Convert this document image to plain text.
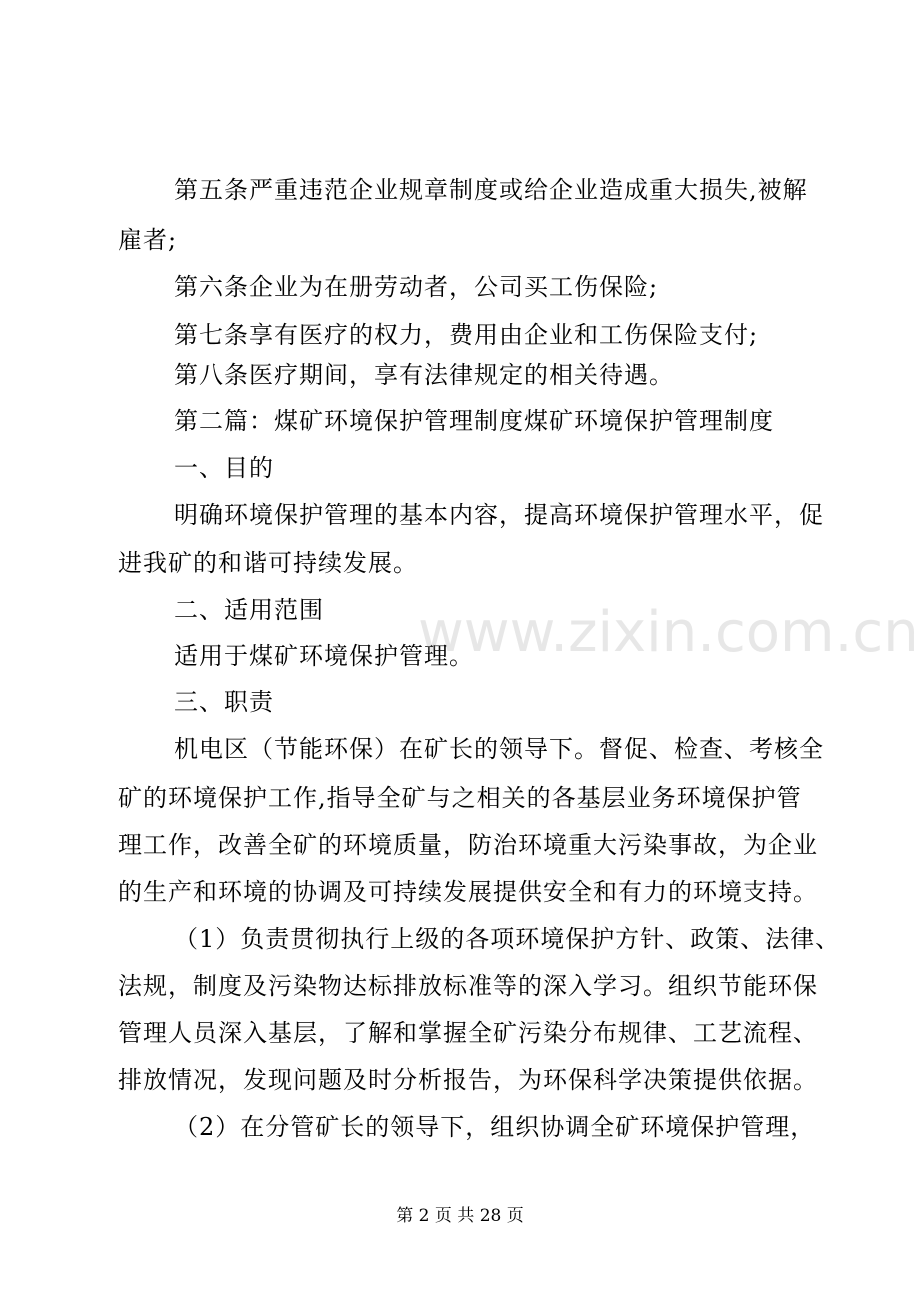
第五条严重违范企业规章制度或给企业造成重大损失,被解
雇者;
第六条企业为在册劳动者，公司买工伤保险;
第七条享有医疗的权力，费用由企业和工伤保险支付;
第八条医疗期间，享有法律规定的相关待遇。
第二篇：煤矿环境保护管理制度煤矿环境保护管理制度
一、目的
明确环境保护管理的基本内容，提高环境保护管理水平，促
进我矿的和谐可持续发展。
二、适用范围
适用于煤矿环境保护管理。
三、职责
机电区（节能环保）在矿长的领导下。督促、检查、考核全
矿的环境保护工作,指导全矿与之相关的各基层业务环境保护管
理工作，改善全矿的环境质量，防治环境重大污染事故，为企业
的生产和环境的协调及可持续发展提供安全和有力的环境支持。
（1）负责贯彻执行上级的各项环境保护方针、政策、法律、
法规，制度及污染物达标排放标准等的深入学习。组织节能环保
管理人员深入基层，了解和掌握全矿污染分布规律、工艺流程、
排放情况，发现问题及时分析报告，为环保科学决策提供依据。
（2）在分管矿长的领导下，组织协调全矿环境保护管理，
www.zixin.com.cn
第 2 页 共 28 页
